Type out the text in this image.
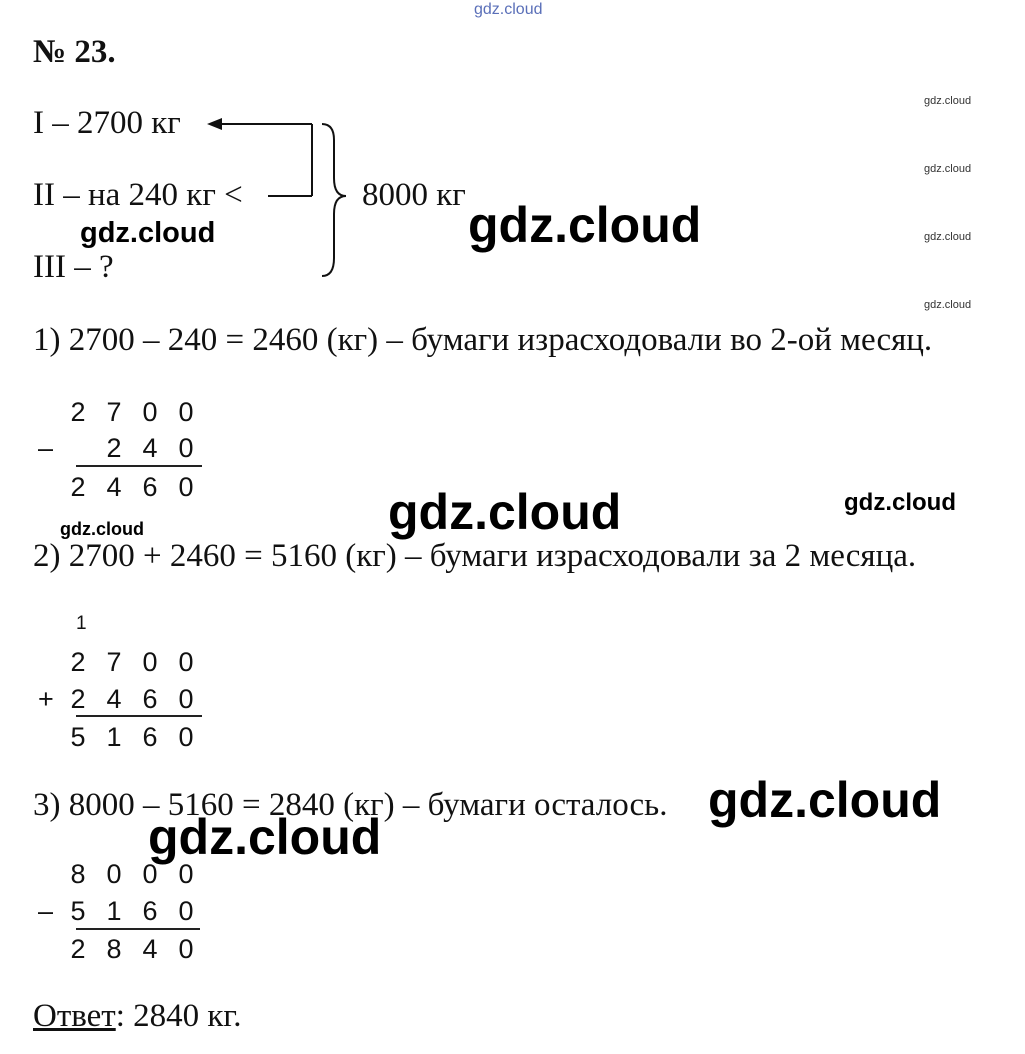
gdz.cloud
№ 23.
gdz.cloud
gdz.cloud
gdz.cloud
gdz.cloud
I – 2700 кг
II – на 240 кг <
III – ?
8000 кг
gdz.cloud	gdz.cloud
1) 2700 – 240 = 2460 (кг) – бумаги израсходовали во 2-ой месяц.
2 7 0 0
–	2 4 0
2 4 6 0
gdz.cloud	gdz.cloud	gdz.cloud
2) 2700 + 2460 = 5160 (кг) – бумаги израсходовали за 2 месяца.
1
2 7 0 0
+ 2 4 6 0
5 1 6 0
3) 8000 – 5160 = 2840 (кг) – бумаги осталось. gdz.cloud
gdz.cloud
8 0 0 0
– 5 1 6 0
2 8 4 0
Ответ: 2840 кг.
